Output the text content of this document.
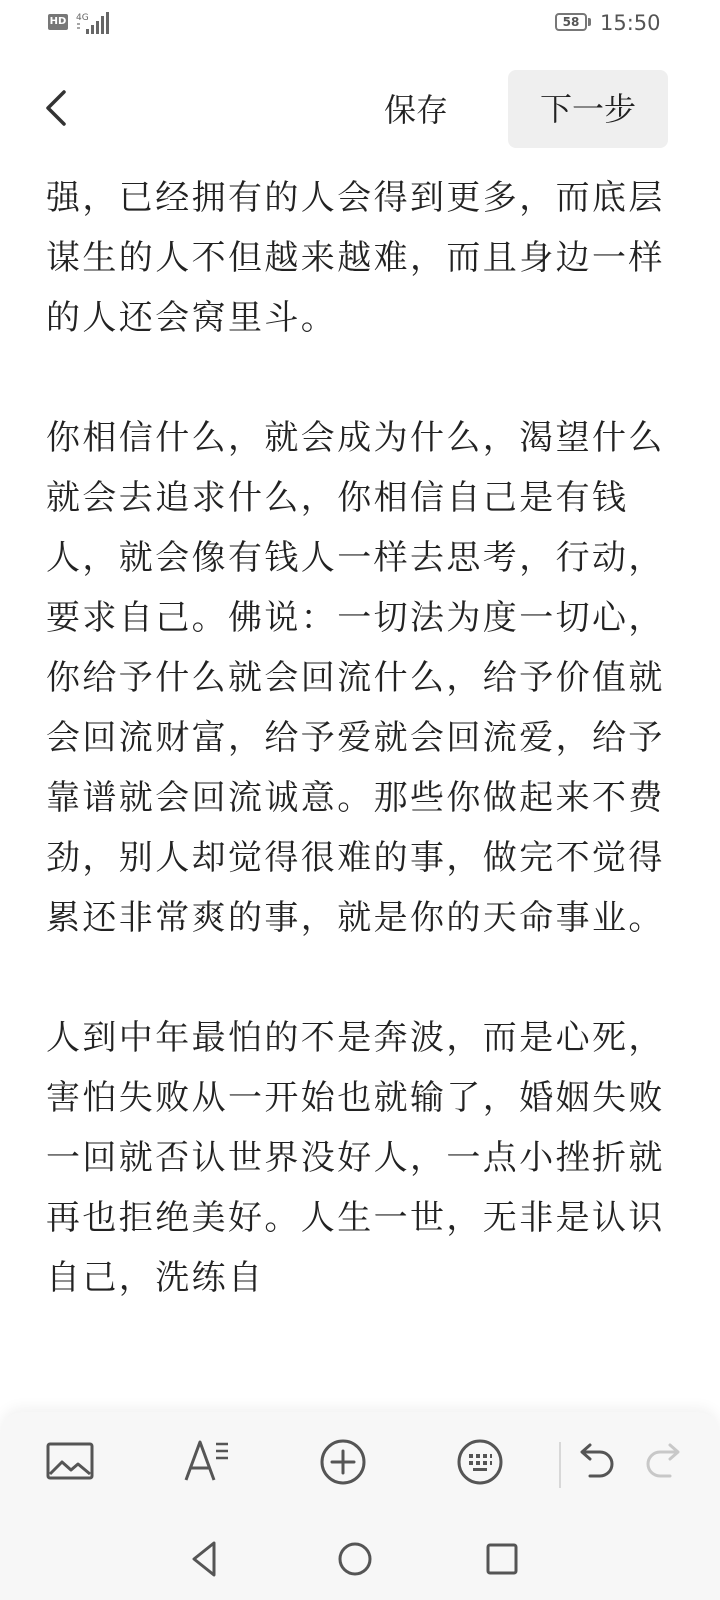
HD 4G	58 15:50
保存	下一步

强，已经拥有的人会得到更多，而底层谋生的人不但越来越难，而且身边一样的人还会窝里斗。

你相信什么，就会成为什么，渴望什么就会去追求什么，你相信自己是有钱人，就会像有钱人一样去思考，行动，要求自己。佛说：一切法为度一切心，你给予什么就会回流什么，给予价值就会回流财富，给予爱就会回流爱，给予靠谱就会回流诚意。那些你做起来不费劲，别人却觉得很难的事，做完不觉得累还非常爽的事，就是你的天命事业。

人到中年最怕的不是奔波，而是心死，害怕失败从一开始也就输了，婚姻失败一回就否认世界没好人，一点小挫折就再也拒绝美好。人生一世，无非是认识自己，洗练自
